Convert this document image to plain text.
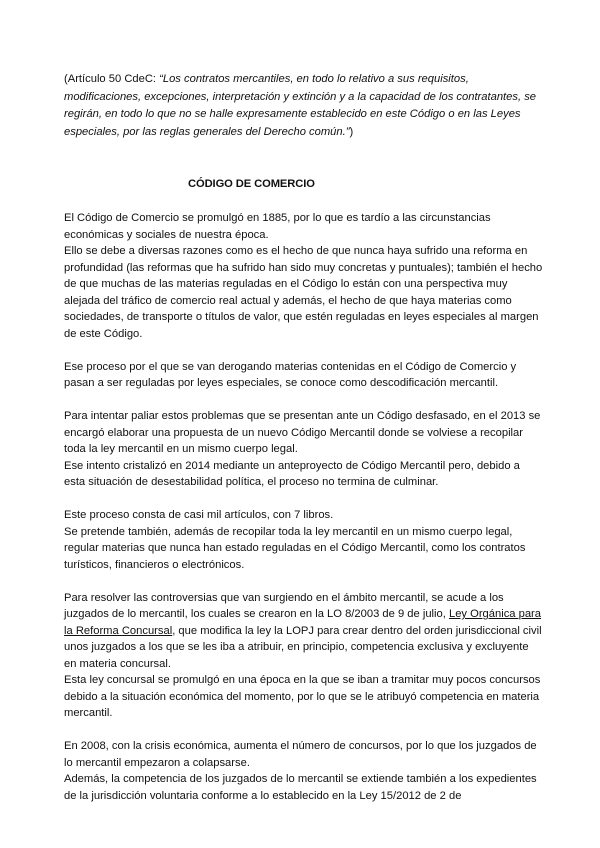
(Artículo 50 CdeC: “Los contratos mercantiles, en todo lo relativo a sus requisitos, modificaciones, excepciones, interpretación y extinción y a la capacidad de los contratantes, se regirán, en todo lo que no se halle expresamente establecido en este Código o en las Leyes especiales, por las reglas generales del Derecho común.”)
CÓDIGO DE COMERCIO

El Código de Comercio se promulgó en 1885, por lo que es tardío a las circunstancias económicas y sociales de nuestra época.

Ello se debe a diversas razones como es el hecho de que nunca haya sufrido una reforma en profundidad (las reformas que ha sufrido han sido muy concretas y puntuales); también el hecho de que muchas de las materias reguladas en el Código lo están con una perspectiva muy alejada del tráfico de comercio real actual y además, el hecho de que haya materias como sociedades, de transporte o títulos de valor, que estén reguladas en leyes especiales al margen de este Código.

Ese proceso por el que se van derogando materias contenidas en el Código de Comercio y pasan a ser reguladas por leyes especiales, se conoce como descodificación mercantil.

Para intentar paliar estos problemas que se presentan ante un Código desfasado, en el 2013 se encargó elaborar una propuesta de un nuevo Código Mercantil donde se volviese a recopilar toda la ley mercantil en un mismo cuerpo legal.

Ese intento cristalizó en 2014 mediante un anteproyecto de Código Mercantil pero, debido a esta situación de desestabilidad política, el proceso no termina de culminar.

Este proceso consta de casi mil artículos, con 7 libros.

Se pretende también, además de recopilar toda la ley mercantil en un mismo cuerpo legal, regular materias que nunca han estado reguladas en el Código Mercantil, como los contratos turísticos, financieros o electrónicos.

Para resolver las controversias que van surgiendo en el ámbito mercantil, se acude a los juzgados de lo mercantil, los cuales se crearon en la LO 8/2003 de 9 de julio, Ley Orgánica para la Reforma Concursal, que modifica la ley la LOPJ para crear dentro del orden jurisdiccional civil unos juzgados a los que se les iba a atribuir, en principio, competencia exclusiva y excluyente en materia concursal.

Esta ley concursal se promulgó en una época en la que se iban a tramitar muy pocos concursos debido a la situación económica del momento, por lo que se le atribuyó competencia en materia mercantil.

En 2008, con la crisis económica, aumenta el número de concursos, por lo que los juzgados de lo mercantil empezaron a colapsarse.

Además, la competencia de los juzgados de lo mercantil se extiende también a los expedientes de la jurisdicción voluntaria conforme a lo establecido en la Ley 15/2012 de 2 de
